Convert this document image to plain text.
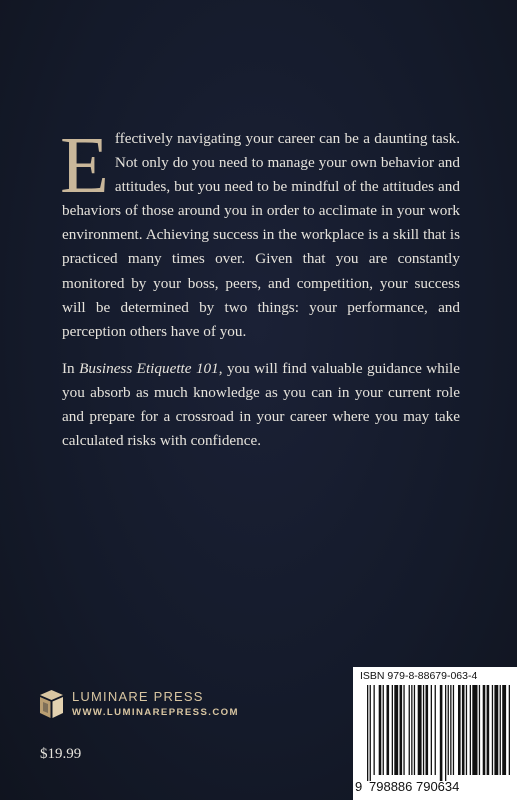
Effectively navigating your career can be a daunting task. Not only do you need to manage your own behavior and attitudes, but you need to be mindful of the attitudes and behaviors of those around you in order to acclimate in your work environment. Achieving success in the workplace is a skill that is practiced many times over. Given that you are constantly monitored by your boss, peers, and competition, your success will be determined by two things: your performance, and perception others have of you.

In Business Etiquette 101, you will find valuable guidance while you absorb as much knowledge as you can in your current role and prepare for a crossroad in your career where you may take calculated risks with confidence.

LUMINARE PRESS
WWW.LUMINAREPRESS.COM
$19.99
ISBN 979-8-88679-063-4
9 798886 790634
